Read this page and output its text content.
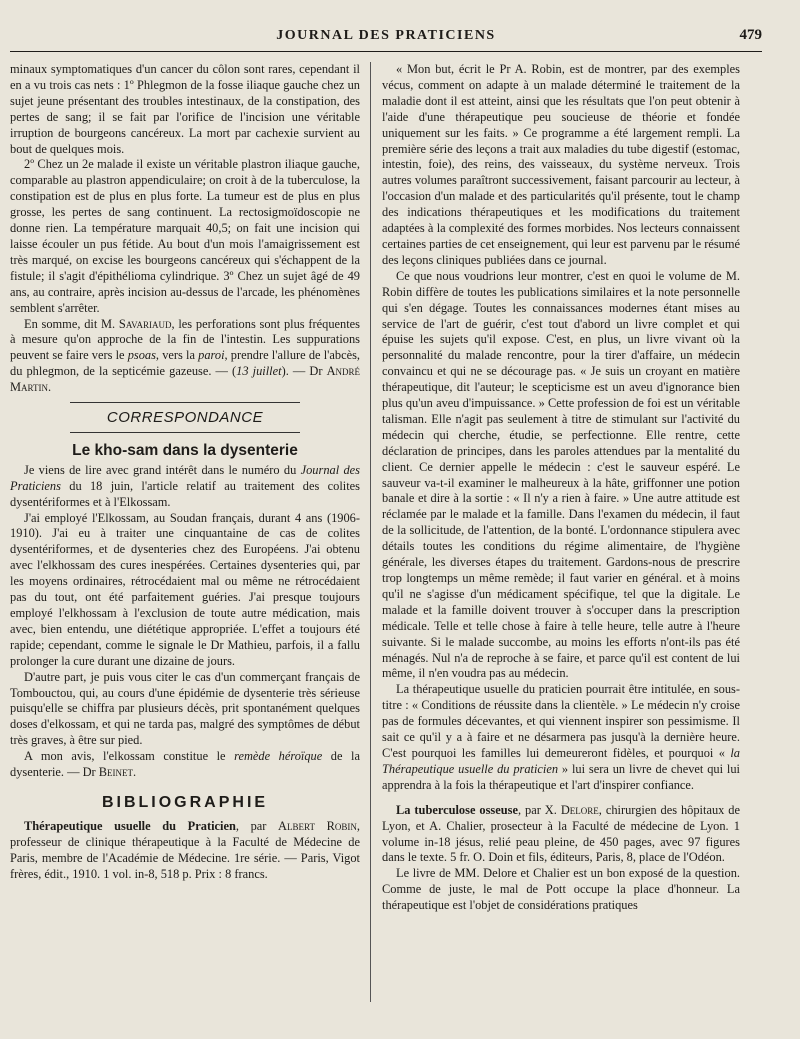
JOURNAL DES PRATICIENS	479

minaux symptomatiques d'un cancer du côlon sont rares, cependant il en a vu trois cas nets : 1º Phlegmon de la fosse iliaque gauche chez un sujet jeune présentant des troubles intestinaux, de la constipation, des pertes de sang; il se fait par l'orifice de l'incision une véritable irruption de bourgeons cancéreux. La mort par cachexie survient au bout de quelques mois.

2º Chez un 2e malade il existe un véritable plastron iliaque gauche, comparable au plastron appendiculaire; on croit à de la tuberculose, la constipation est de plus en plus forte. La tumeur est de plus en plus grosse, les pertes de sang continuent. La rectosigmoïdoscopie ne donne rien. La température marquait 40,5; on fait une incision qui laisse écouler un pus fétide. Au bout d'un mois l'amaigrissement est très marqué, on excise les bourgeons cancéreux qui s'échappent de la fistule; il s'agit d'épithélioma cylindrique. 3º Chez un sujet âgé de 49 ans, au contraire, après incision au-dessus de l'arcade, les phénomènes semblent s'arrêter.

En somme, dit M. Savariaud, les perforations sont plus fréquentes à mesure qu'on approche de la fin de l'intestin. Les suppurations peuvent se faire vers le psoas, vers la paroi, prendre l'allure de l'abcès, du phlegmon, de la septicémie gazeuse. — (13 juillet). — Dr André Martin.

CORRESPONDANCE
Le kho-sam dans la dysenterie

Je viens de lire avec grand intérêt dans le numéro du Journal des Praticiens du 18 juin, l'article relatif au traitement des colites dysentériformes et à l'Elkossam.

J'ai employé l'Elkossam, au Soudan français, durant 4 ans (1906-1910). J'ai eu à traiter une cinquantaine de cas de colites dysentériformes, et de dysenteries chez des Européens. J'ai obtenu avec l'elkhossam des cures inespérées. Certaines dysenteries qui, par les moyens ordinaires, rétrocédaient mal ou même ne rétrocédaient pas du tout, ont été parfaitement guéries. J'ai presque toujours employé l'elkhossam à l'exclusion de toute autre médication, mais avec, bien entendu, une diététique appropriée. L'effet a toujours été rapide; cependant, comme le signale le Dr Mathieu, parfois, il a fallu prolonger la cure durant une dizaine de jours.

D'autre part, je puis vous citer le cas d'un commerçant français de Tombouctou, qui, au cours d'une épidémie de dysenterie très sérieuse puisqu'elle se chiffra par plusieurs décès, prit spontanément quelques doses d'elkossam, et qui ne tarda pas, malgré des symptômes de début très graves, à être sur pied.

A mon avis, l'elkossam constitue le remède héroïque de la dysenterie. — Dr Beinet.

BIBLIOGRAPHIE

Thérapeutique usuelle du Praticien, par Albert Robin, professeur de clinique thérapeutique à la Faculté de Médecine de Paris, membre de l'Académie de Médecine. 1re série. — Paris, Vigot frères, édit., 1910. 1 vol. in-8, 518 p. Prix : 8 francs.

« Mon but, écrit le Pr A. Robin, est de montrer, par des exemples vécus, comment on adapte à un malade déterminé le traitement de la maladie dont il est atteint, ainsi que les résultats que l'on peut obtenir à l'aide d'une thérapeutique peu soucieuse de théorie et fondée uniquement sur les faits. » Ce programme a été largement rempli. La première série des leçons a trait aux maladies du tube digestif (estomac, intestin, foie), des reins, des vaisseaux, du système nerveux. Trois autres volumes paraîtront successivement, faisant parcourir au lecteur, à l'occasion d'un malade et des particularités qu'il présente, tout le champ des indications thérapeutiques et les modifications du traitement adaptées à la complexité des formes morbides. Nos lecteurs connaissent certaines parties de cet enseignement, qui leur est parvenu par le résumé des leçons cliniques publiées dans ce journal.

Ce que nous voudrions leur montrer, c'est en quoi le volume de M. Robin diffère de toutes les publications similaires et la note personnelle qui s'en dégage. Toutes les connaissances modernes étant mises au service de l'art de guérir, c'est tout d'abord un livre complet et qui épuise les sujets qu'il expose. C'est, en plus, un livre vivant où la personnalité du malade rencontre, pour la tirer d'affaire, un médecin convaincu et qui ne se décourage pas. « Je suis un croyant en matière thérapeutique, dit l'auteur; le scepticisme est un aveu d'ignorance bien plus qu'un aveu d'impuissance. » Cette profession de foi est un véritable talisman. Elle n'agit pas seulement à titre de stimulant sur l'activité du médecin qui cherche, étudie, se perfectionne. Elle rentre, cette déclaration de principes, dans les paroles attendues par la mentalité du client. Ce dernier appelle le médecin : c'est le sauveur espéré. Le sauveur va-t-il examiner le malheureux à la hâte, griffonner une potion banale et dire à la sortie : « Il n'y a rien à faire. » Une autre attitude est réclamée par le malade et la famille. Dans l'examen du médecin, il faut de la sollicitude, de l'attention, de la bonté. L'ordonnance stipulera avec détails toutes les conditions du régime alimentaire, de l'hygiène générale, les diverses étapes du traitement. Gardons-nous de prescrire trop longtemps un même remède; il faut varier en général. et à moins qu'il ne s'agisse d'un médicament spécifique, tel que la digitale. Le malade et la famille doivent trouver à s'occuper dans la prescription médicale. Telle et telle chose à faire à telle heure, telle autre à l'heure suivante. Si le malade succombe, au moins les efforts n'ont-ils pas été ménagés. Nul n'a de reproche à se faire, et parce qu'il est content de lui même, il n'en voudra pas au médecin.

La thérapeutique usuelle du praticien pourrait être intitulée, en sous-titre : « Conditions de réussite dans la clientèle. » Le médecin n'y croise pas de formules décevantes, et qui viennent inspirer son pessimisme. Il sait ce qu'il y a à faire et ne désarmera pas jusqu'à la dernière heure. C'est pourquoi les familles lui demeureront fidèles, et pourquoi « la Thérapeutique usuelle du praticien » lui sera un livre de chevet qui lui apprendra à la fois la thérapeutique et l'art d'inspirer confiance.

La tuberculose osseuse, par X. Delore, chirurgien des hôpitaux de Lyon, et A. Chalier, prosecteur à la Faculté de médecine de Lyon. 1 volume in-18 jésus, relié peau pleine, de 450 pages, avec 97 figures dans le texte. 5 fr. O. Doin et fils, éditeurs, Paris, 8, place de l'Odéon.

Le livre de MM. Delore et Chalier est un bon exposé de la question. Comme de juste, le mal de Pott occupe la place d'honneur. La thérapeutique est l'objet de considérations pratiques
